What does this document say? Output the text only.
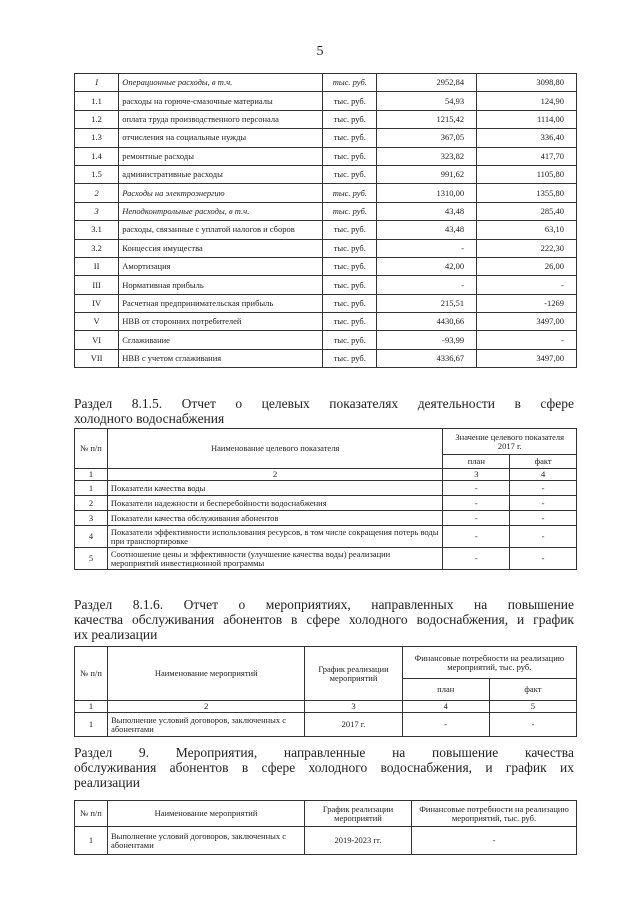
5
I	Операционные расходы, в т.ч.	тыс. руб.	2952,84	3098,80
1.1	расходы на горюче-смазочные материалы	тыс. руб.	54,93	124,90
1.2	оплата труда производственного персонала	тыс. руб.	1215,42	1114,00
1.3	отчисления на социальные нужды	тыс. руб.	367,05	336,40
1.4	ремонтные расходы	тыс. руб.	323,82	417,70
1.5	административные расходы	тыс. руб.	991,62	1105,80
2	Расходы на электроэнергию	тыс. руб.	1310,00	1355,80
3	Неподконтрольные расходы, в т.ч.	тыс. руб.	43,48	285,40
3.1	расходы, связанные с уплатой налогов и сборов	тыс. руб.	43,48	63,10
3.2	Концессия имущества	тыс. руб.	-	222,30
II	Амортизация	тыс. руб.	42,00	26,00
III	Нормативная прибыль	тыс. руб.	-	-
IV	Расчетная предпринимательская прибыль	тыс. руб.	215,51	-1269
V	НВВ от сторонних потребителей	тыс. руб.	4430,66	3497,00
VI	Сглаживание	тыс. руб.	-93,99	-
VII	НВВ с учетом сглаживания	тыс. руб.	4336,67	3497,00
Раздел 8.1.5. Отчет о целевых показателях деятельности в сфере
холодного водоснабжения
№ п/п	Наименование целевого показателя	Значение целевого показателя 2017 г.	
		план	факт
1	2	3	4
1	Показатели качества воды	-	-
2	Показатели надежности и бесперебойности водоснабжения	-	-
3	Показатели качества обслуживания абонентов	-	-
4	Показатели эффективности использования ресурсов, в том числе сокращения потерь воды при транспортировке	-	-
5	Соотношение цены и эффективности (улучшение качества воды) реализации мероприятий инвестиционной программы	-	-
Раздел 8.1.6. Отчет о мероприятиях, направленных на повышение
качества обслуживания абонентов в сфере холодного водоснабжения, и график
их реализации
№ п/п	Наименование мероприятий	График реализации мероприятий	Финансовые потребности на реализацию мероприятий, тыс. руб.	
			план	факт
1	2	3	4	5
1	Выполнение условий договоров, заключенных с абонентами	2017 г.	-	-
Раздел 9. Мероприятия, направленные на повышение качества
обслуживания абонентов в сфере холодного водоснабжения, и график их
реализации
№ п/п	Наименование мероприятий	График реализации мероприятий	Финансовые потребности на реализацию мероприятий, тыс. руб.
1	Выполнение условий договоров, заключенных с абонентами	2019-2023 гг.	-
